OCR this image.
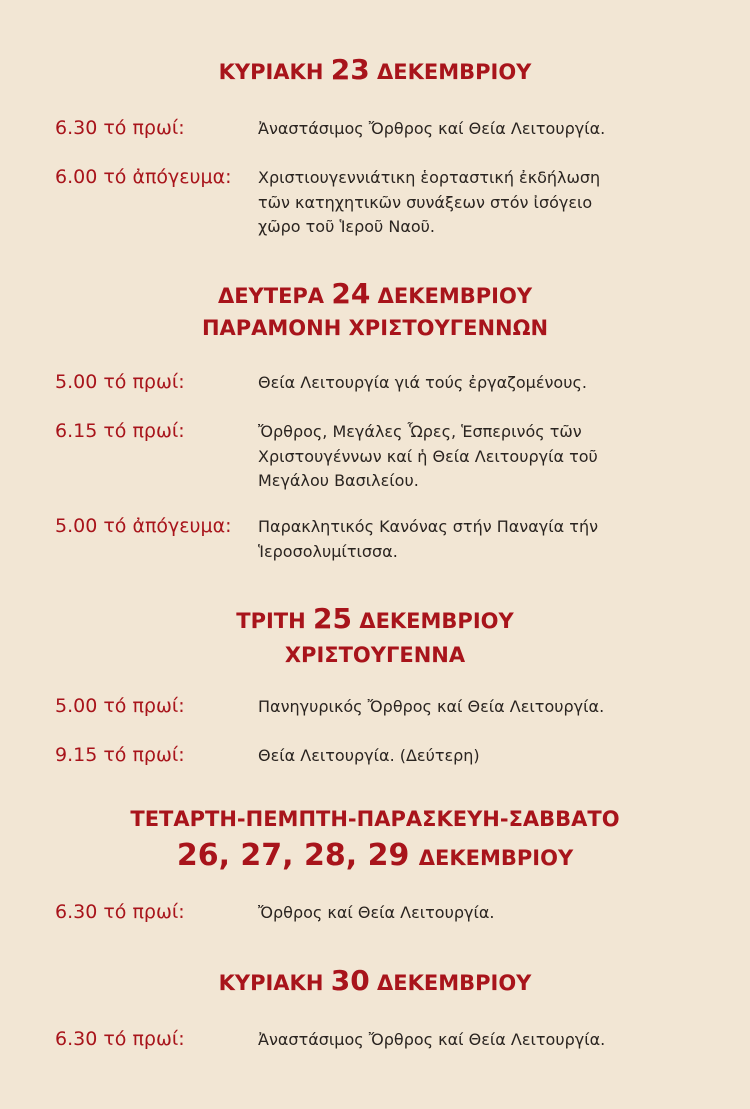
ΚΥΡΙΑΚΗ 23 ΔΕΚΕΜΒΡΙΟΥ
6.30 τό πρωί:	Ἀναστάσιμος Ὄρθρος καί Θεία Λειτουργία.
6.00 τό ἀπόγευμα: Χριστιουγεννιάτικη ἑορταστική ἐκδήλωση
τῶν κατηχητικῶν συνάξεων στόν ἰσόγειο
χῶρο τοῦ Ἱεροῦ Ναοῦ.
ΔΕΥΤΕΡΑ 24 ΔΕΚΕΜΒΡΙΟΥ
ΠΑΡΑΜΟΝΗ ΧΡΙΣΤΟΥΓΕΝΝΩΝ
5.00 τό πρωί:	Θεία Λειτουργία γιά τούς ἐργαζομένους.
6.15 τό πρωί:	Ὄρθρος, Μεγάλες Ὧρες, Ἑσπερινός τῶν
Χριστουγέννων καί ἡ Θεία Λειτουργία τοῦ
Μεγάλου Βασιλείου.
5.00 τό ἀπόγευμα: Παρακλητικός Κανόνας στήν Παναγία τήν
Ἱεροσολυμίτισσα.
ΤΡΙΤΗ 25 ΔΕΚΕΜΒΡΙΟΥ
ΧΡΙΣΤΟΥΓΕΝΝΑ
5.00 τό πρωί:	Πανηγυρικός Ὄρθρος καί Θεία Λειτουργία.
9.15 τό πρωί:	Θεία Λειτουργία. (Δεύτερη)
ΤΕΤΑΡΤΗ-ΠΕΜΠΤΗ-ΠΑΡΑΣΚΕΥΗ-ΣΑΒΒΑΤΟ
26, 27, 28, 29 ΔΕΚΕΜΒΡΙΟΥ
6.30 τό πρωί:	Ὄρθρος καί Θεία Λειτουργία.
ΚΥΡΙΑΚΗ 30 ΔΕΚΕΜΒΡΙΟΥ
6.30 τό πρωί:	Ἀναστάσιμος Ὄρθρος καί Θεία Λειτουργία.
